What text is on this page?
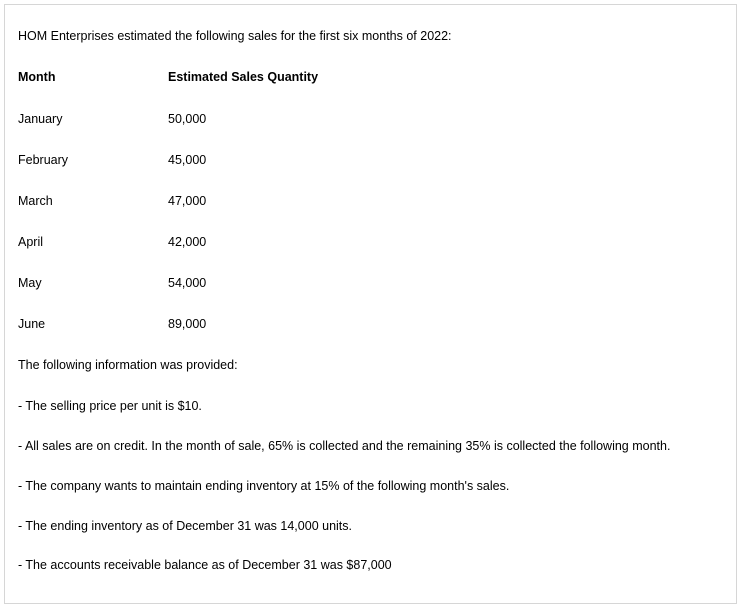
HOM Enterprises estimated the following sales for the first six months of 2022:
Month	Estimated Sales Quantity
January	50,000
February	45,000
March	47,000
April	42,000
May	54,000
June	89,000
The following information was provided:
- The selling price per unit is $10.
- All sales are on credit. In the month of sale, 65% is collected and the remaining 35% is collected the following month.
- The company wants to maintain ending inventory at 15% of the following month's sales.
- The ending inventory as of December 31 was 14,000 units.
- The accounts receivable balance as of December 31 was $87,000
